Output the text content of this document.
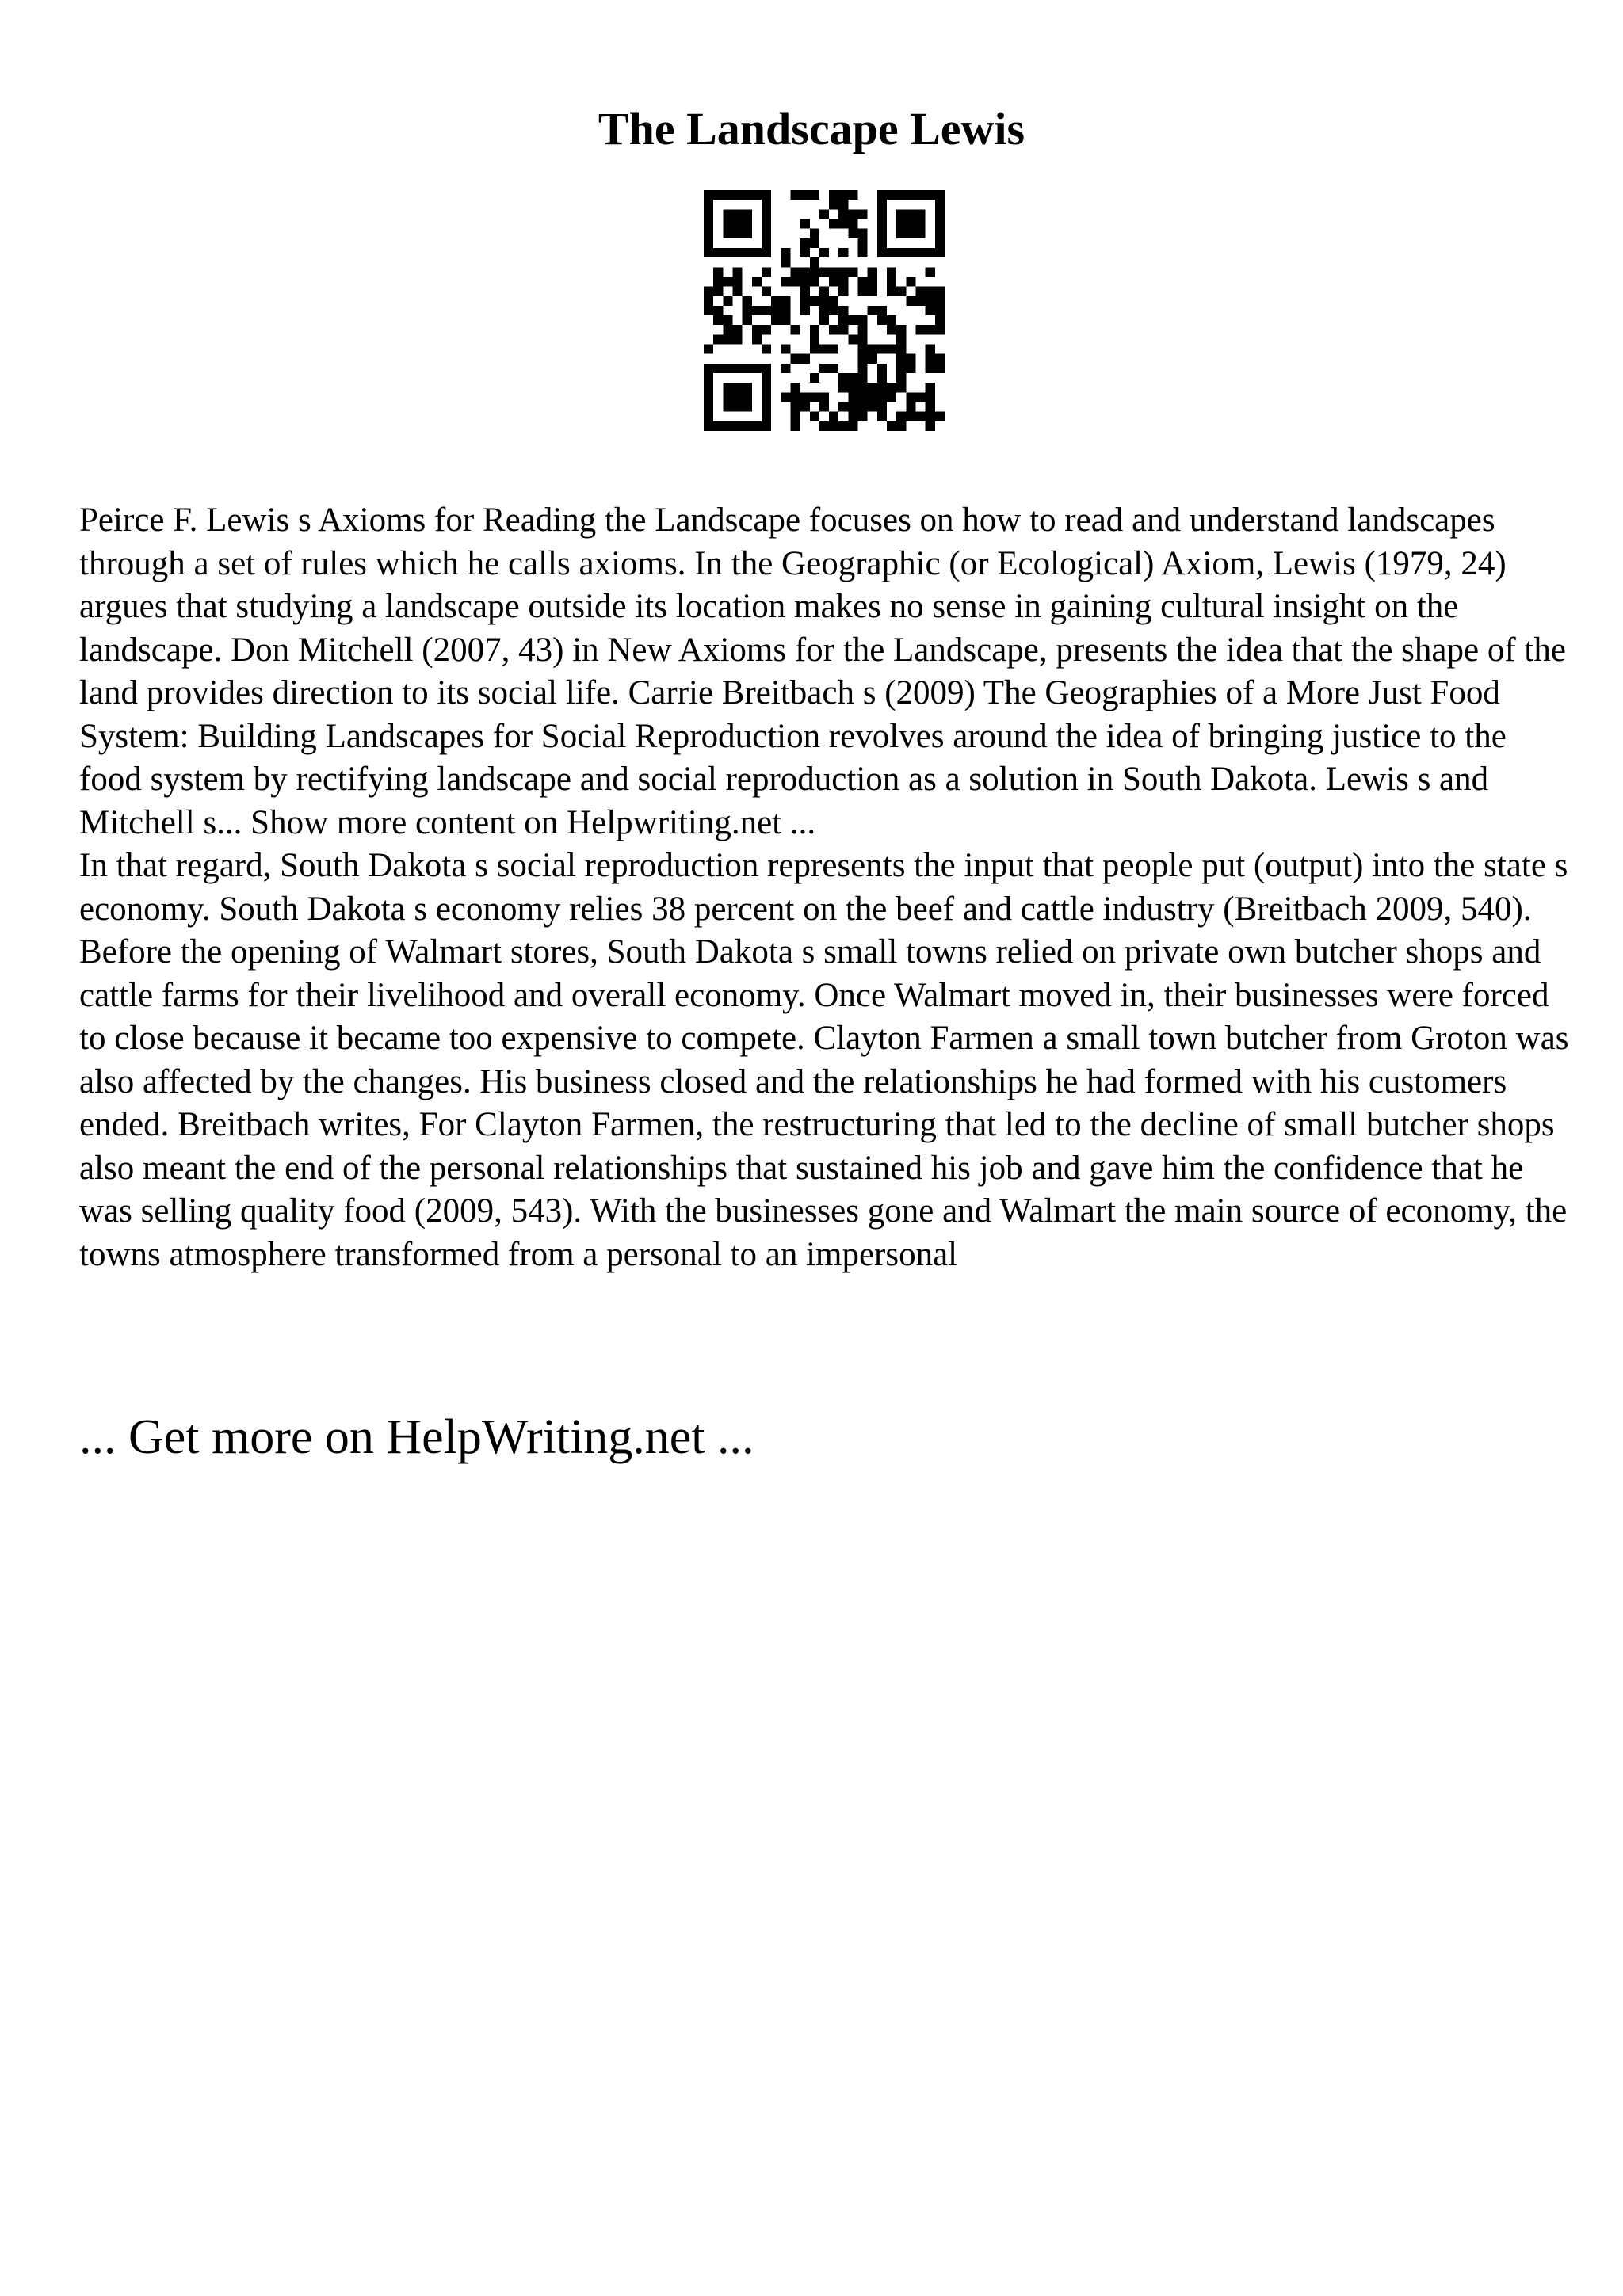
The Landscape Lewis

Peirce F. Lewis s Axioms for Reading the Landscape focuses on how to read and understand landscapes through a set of rules which he calls axioms. In the Geographic (or Ecological) Axiom, Lewis (1979, 24) argues that studying a landscape outside its location makes no sense in gaining cultural insight on the landscape. Don Mitchell (2007, 43) in New Axioms for the Landscape, presents the idea that the shape of the land provides direction to its social life. Carrie Breitbach s (2009) The Geographies of a More Just Food System: Building Landscapes for Social Reproduction revolves around the idea of bringing justice to the food system by rectifying landscape and social reproduction as a solution in South Dakota. Lewis s and Mitchell s... Show more content on Helpwriting.net ...

In that regard, South Dakota s social reproduction represents the input that people put (output) into the state s economy. South Dakota s economy relies 38 percent on the beef and cattle industry (Breitbach 2009, 540). Before the opening of Walmart stores, South Dakota s small towns relied on private own butcher shops and cattle farms for their livelihood and overall economy. Once Walmart moved in, their businesses were forced to close because it became too expensive to compete. Clayton Farmen a small town butcher from Groton was also affected by the changes. His business closed and the relationships he had formed with his customers ended. Breitbach writes, For Clayton Farmen, the restructuring that led to the decline of small butcher shops also meant the end of the personal relationships that sustained his job and gave him the confidence that he was selling quality food (2009, 543). With the businesses gone and Walmart the main source of economy, the towns atmosphere transformed from a personal to an impersonal

... Get more on HelpWriting.net ...
